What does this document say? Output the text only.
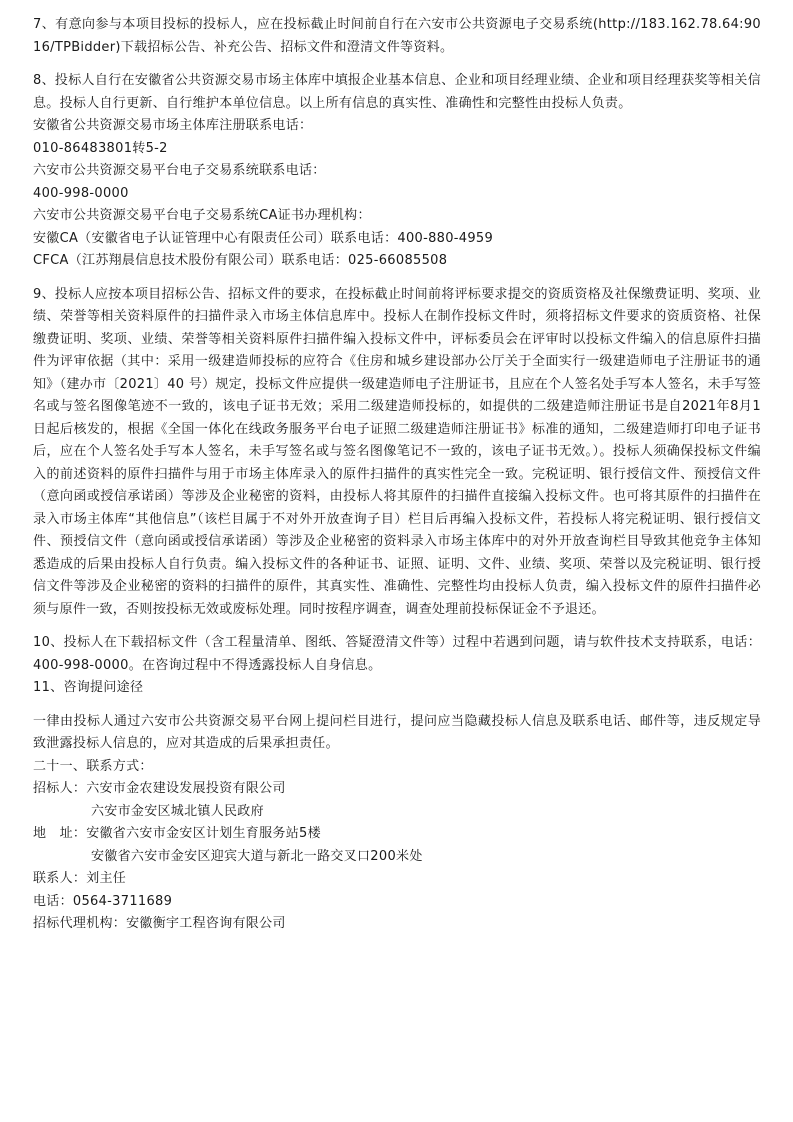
7、有意向参与本项目投标的投标人，应在投标截止时间前自行在六安市公共资源电子交易系统(http://183.162.78.64:9016/TPBidder)下载招标公告、补充公告、招标文件和澄清文件等资料。

8、投标人自行在安徽省公共资源交易市场主体库中填报企业基本信息、企业和项目经理业绩、企业和项目经理获奖等相关信息。投标人自行更新、自行维护本单位信息。以上所有信息的真实性、准确性和完整性由投标人负责。

安徽省公共资源交易市场主体库注册联系电话：

010-86483801转5-2

六安市公共资源交易平台电子交易系统联系电话：

400-998-0000

六安市公共资源交易平台电子交易系统CA证书办理机构：

安徽CA（安徽省电子认证管理中心有限责任公司）联系电话：400-880-4959

CFCA（江苏翔晨信息技术股份有限公司）联系电话：025-66085508

9、投标人应按本项目招标公告、招标文件的要求，在投标截止时间前将评标要求提交的资质资格及社保缴费证明、奖项、业绩、荣誉等相关资料原件的扫描件录入市场主体信息库中。投标人在制作投标文件时，须将招标文件要求的资质资格、社保缴费证明、奖项、业绩、荣誉等相关资料原件扫描件编入投标文件中，评标委员会在评审时以投标文件编入的信息原件扫描件为评审依据（其中：采用一级建造师投标的应符合《住房和城乡建设部办公厅关于全面实行一级建造师电子注册证书的通知》（建办市〔2021〕40 号）规定，投标文件应提供一级建造师电子注册证书，且应在个人签名处手写本人签名，未手写签名或与签名图像笔迹不一致的，该电子证书无效；采用二级建造师投标的，如提供的二级建造师注册证书是自2021年8月1日起后核发的，根据《全国一体化在线政务服务平台电子证照二级建造师注册证书》标准的通知，二级建造师打印电子证书后，应在个人签名处手写本人签名，未手写签名或与签名图像笔记不一致的，该电子证书无效。）。投标人须确保投标文件编入的前述资料的原件扫描件与用于市场主体库录入的原件扫描件的真实性完全一致。完税证明、银行授信文件、预授信文件（意向函或授信承诺函）等涉及企业秘密的资料，由投标人将其原件的扫描件直接编入投标文件。也可将其原件的扫描件在录入市场主体库“其他信息”（该栏目属于不对外开放查询子目）栏目后再编入投标文件，若投标人将完税证明、银行授信文件、预授信文件（意向函或授信承诺函）等涉及企业秘密的资料录入市场主体库中的对外开放查询栏目导致其他竞争主体知悉造成的后果由投标人自行负责。编入投标文件的各种证书、证照、证明、文件、业绩、奖项、荣誉以及完税证明、银行授信文件等涉及企业秘密的资料的扫描件的原件，其真实性、准确性、完整性均由投标人负责，编入投标文件的原件扫描件必须与原件一致，否则按投标无效或废标处理。同时按程序调查，调查处理前投标保证金不予退还。

10、投标人在下载招标文件（含工程量清单、图纸、答疑澄清文件等）过程中若遇到问题，请与软件技术支持联系，电话：400-998-0000。在咨询过程中不得透露投标人自身信息。

11、咨询提问途径

一律由投标人通过六安市公共资源交易平台网上提问栏目进行，提问应当隐藏投标人信息及联系电话、邮件等，违反规定导致泄露投标人信息的，应对其造成的后果承担责任。

二十一、联系方式：

招标人：六安市金农建设发展投资有限公司

六安市金安区城北镇人民政府

地　址：安徽省六安市金安区计划生育服务站5楼

安徽省六安市金安区迎宾大道与新北一路交叉口200米处

联系人：刘主任

电话：0564-3711689

招标代理机构：安徽衡宇工程咨询有限公司
